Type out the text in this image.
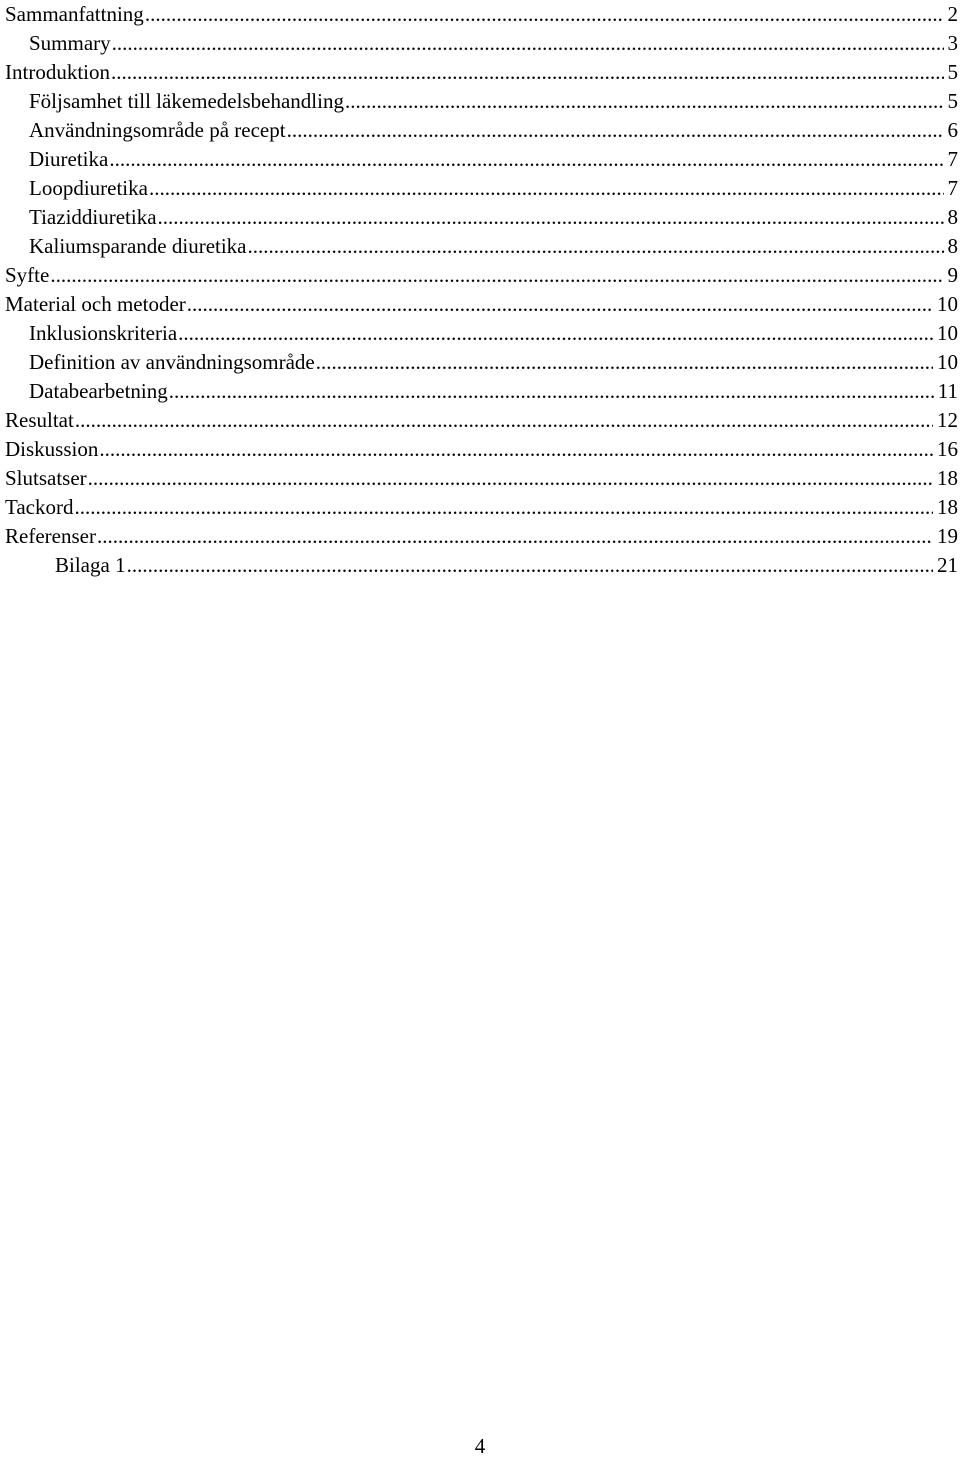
Sammanfattning .....	2
Summary .....	3
Introduktion .....	5
Följsamhet till läkemedelsbehandling .....	5
Användningsområde på recept .....	6
Diuretika .....	7
Loopdiuretika .....	7
Tiaziddiuretika .....	8
Kaliumsparande diuretika .....	8
Syfte .....	9
Material och metoder .....	10
Inklusionskriteria .....	10
Definition av användningsområde .....	10
Databearbetning .....	11
Resultat .....	12
Diskussion .....	16
Slutsatser .....	18
Tackord .....	18
Referenser .....	19
Bilaga 1 .....	21
4
